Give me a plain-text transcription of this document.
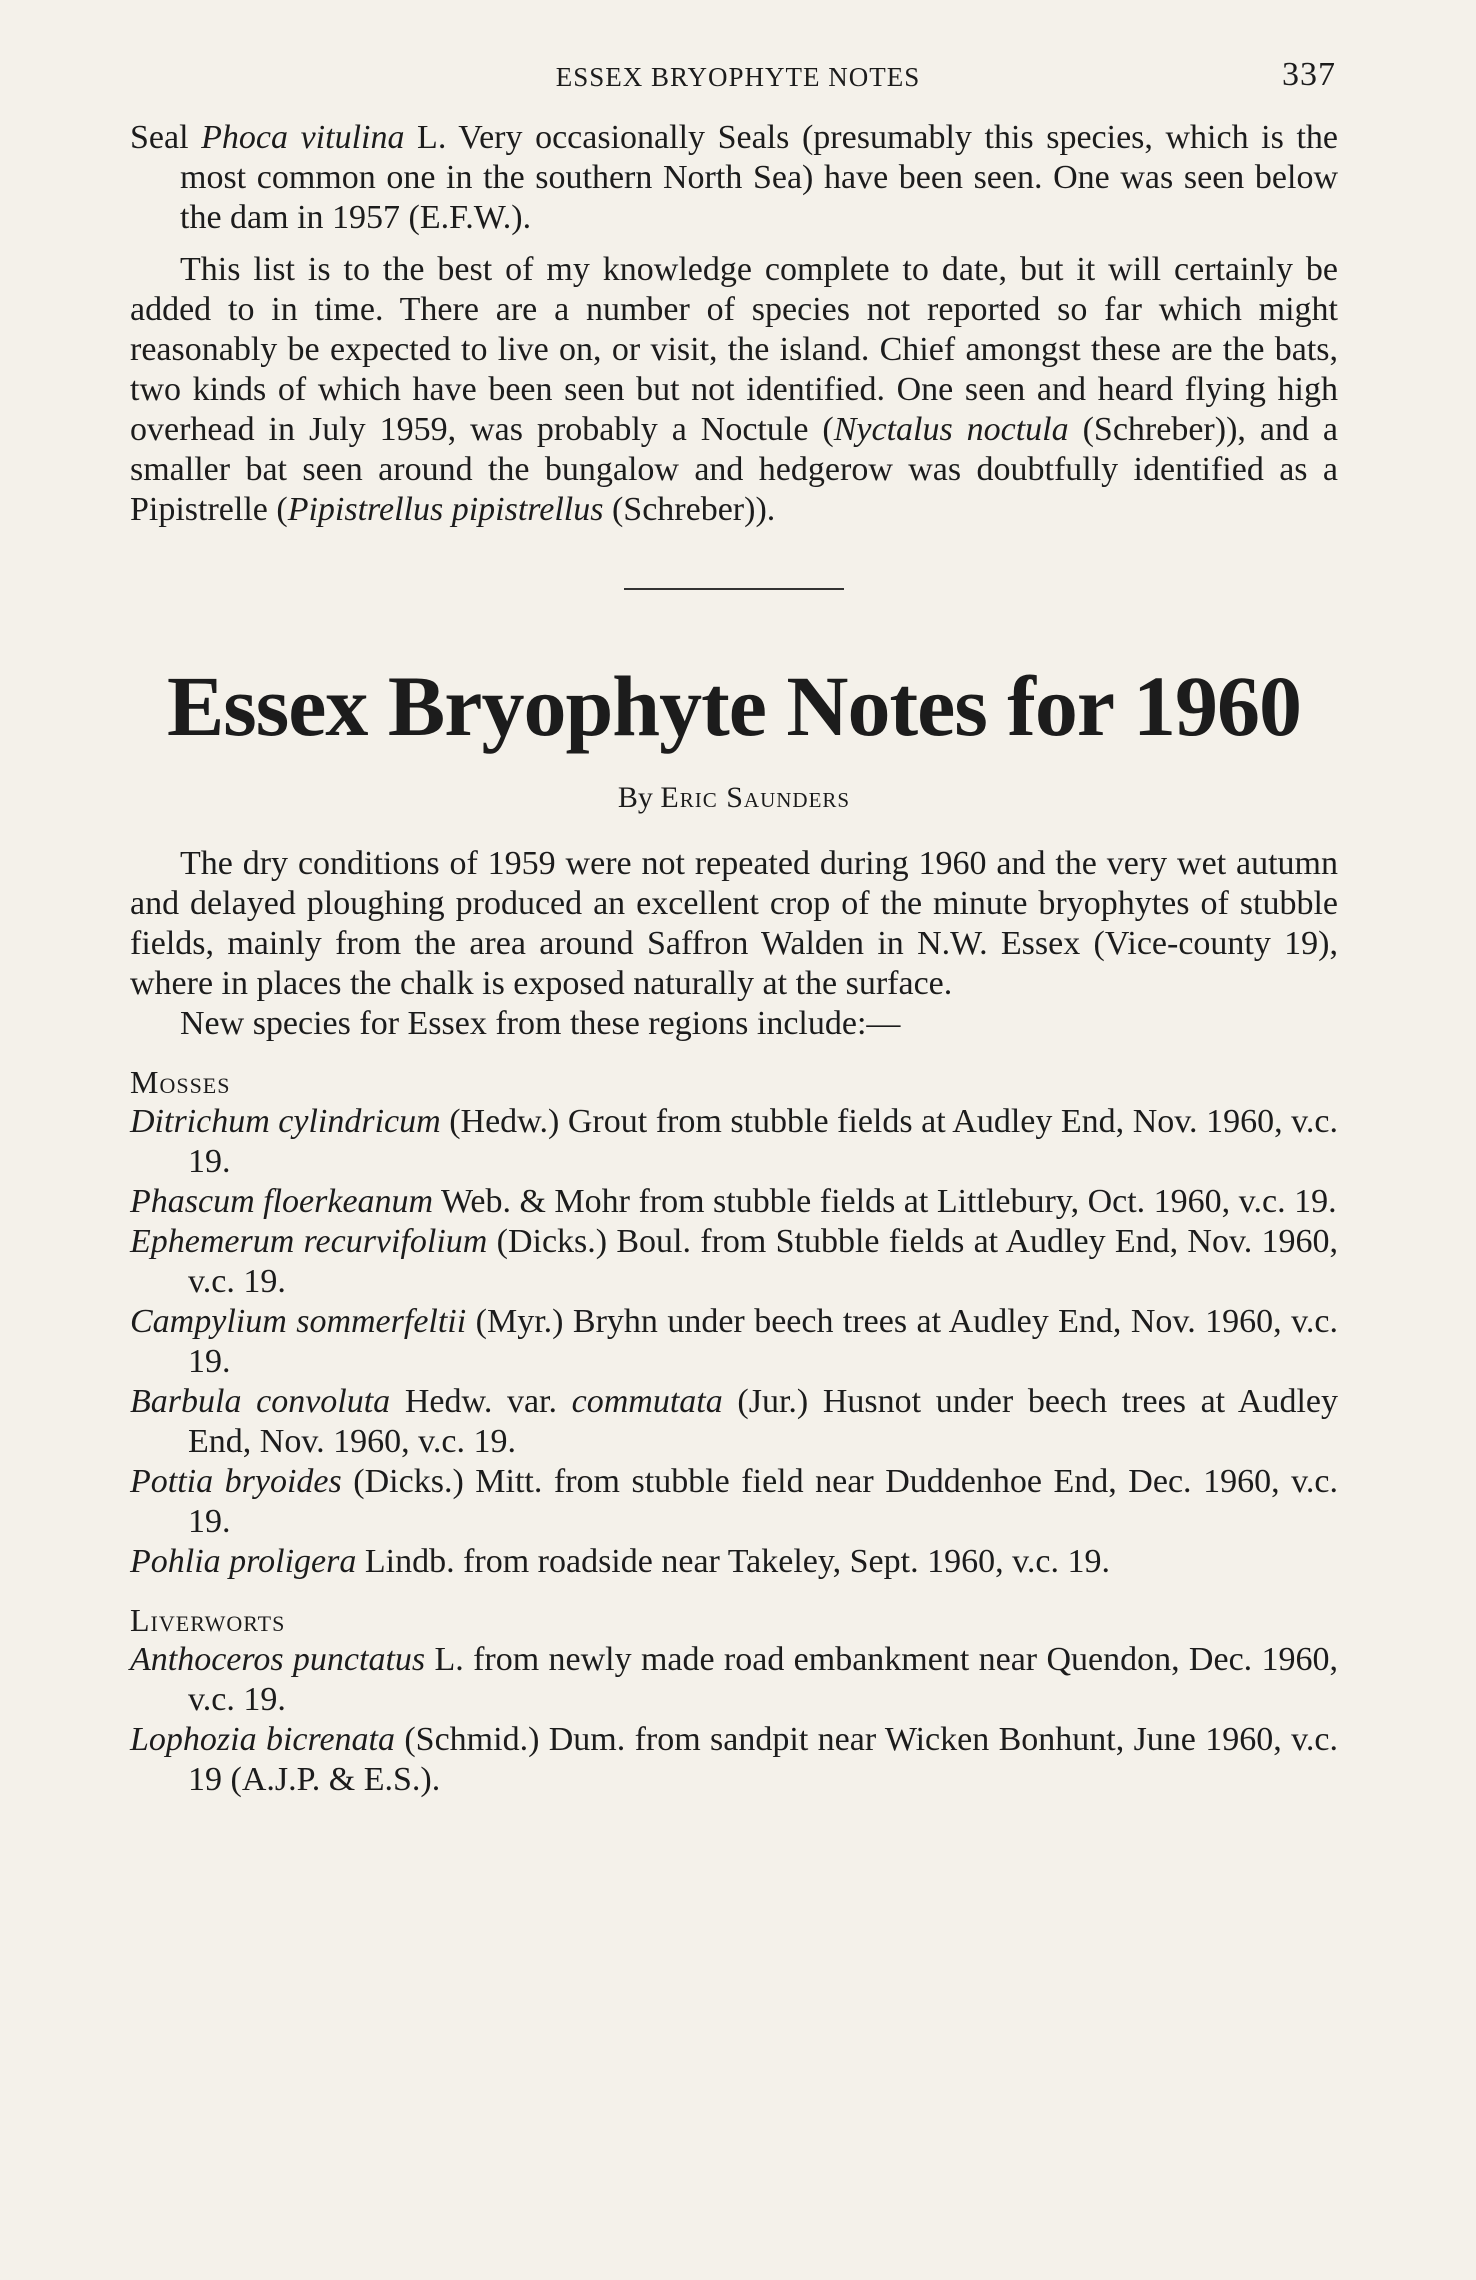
ESSEX BRYOPHYTE NOTES	337

Seal Phoca vitulina L. Very occasionally Seals (presumably this species, which is the most common one in the southern North Sea) have been seen. One was seen below the dam in 1957 (E.F.W.).

This list is to the best of my knowledge complete to date, but it will certainly be added to in time. There are a number of species not reported so far which might reasonably be expected to live on, or visit, the island. Chief amongst these are the bats, two kinds of which have been seen but not identified. One seen and heard flying high overhead in July 1959, was probably a Noctule (Nyctalus noctula (Schreber)), and a smaller bat seen around the bungalow and hedgerow was doubtfully identified as a Pipistrelle (Pipistrellus pipistrellus (Schreber)).

Essex Bryophyte Notes for 1960
By Eric Saunders

The dry conditions of 1959 were not repeated during 1960 and the very wet autumn and delayed ploughing produced an excellent crop of the minute bryophytes of stubble fields, mainly from the area around Saffron Walden in N.W. Essex (Vice-county 19), where in places the chalk is exposed naturally at the surface.

New species for Essex from these regions include:—

Mosses

Ditrichum cylindricum (Hedw.) Grout from stubble fields at Audley End, Nov. 1960, v.c. 19.

Phascum floerkeanum Web. & Mohr from stubble fields at Littlebury, Oct. 1960, v.c. 19.

Ephemerum recurvifolium (Dicks.) Boul. from Stubble fields at Audley End, Nov. 1960, v.c. 19.

Campylium sommerfeltii (Myr.) Bryhn under beech trees at Audley End, Nov. 1960, v.c. 19.

Barbula convoluta Hedw. var. commutata (Jur.) Husnot under beech trees at Audley End, Nov. 1960, v.c. 19.

Pottia bryoides (Dicks.) Mitt. from stubble field near Duddenhoe End, Dec. 1960, v.c. 19.

Pohlia proligera Lindb. from roadside near Takeley, Sept. 1960, v.c. 19.

Liverworts

Anthoceros punctatus L. from newly made road embankment near Quendon, Dec. 1960, v.c. 19.

Lophozia bicrenata (Schmid.) Dum. from sandpit near Wicken Bonhunt, June 1960, v.c. 19 (A.J.P. & E.S.).
